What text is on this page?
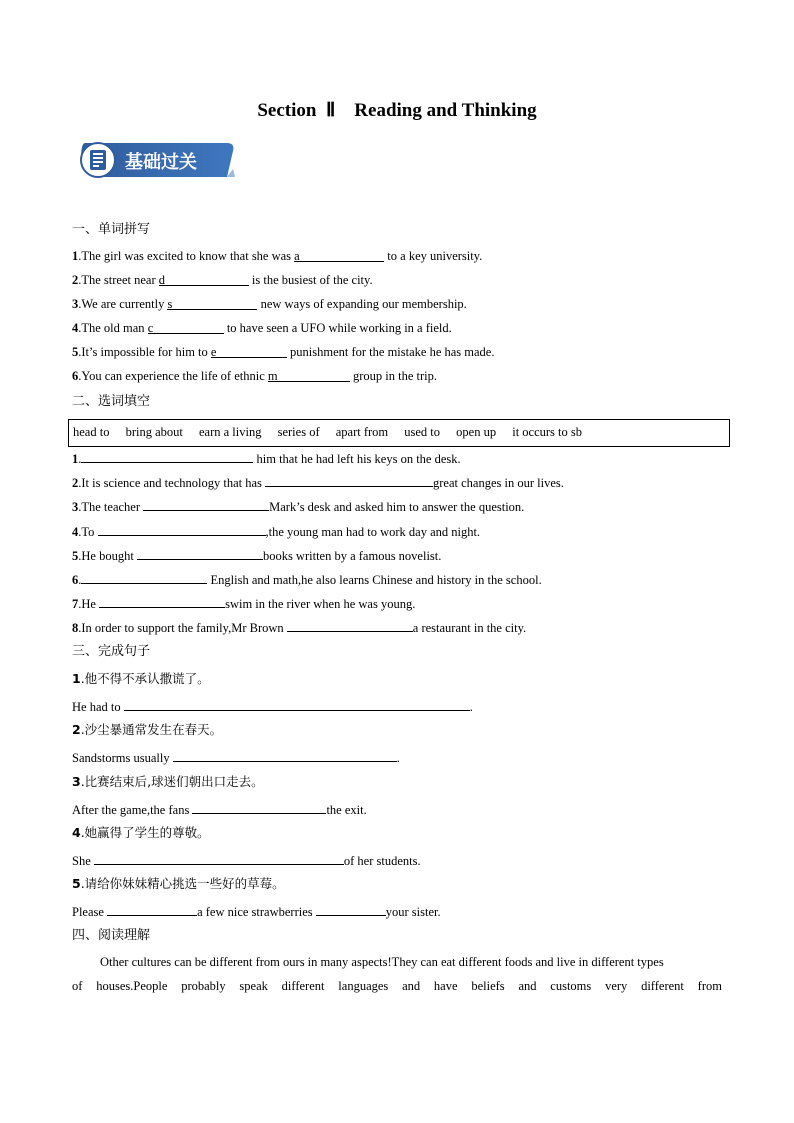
Section Ⅱ Reading and Thinking
基础过关
一、单词拼写
1.The girl was excited to know that she was a	to a key university.
2.The street near d	is the busiest of the city.
3.We are currently s	new ways of expanding our membership.
4.The old man c	to have seen a UFO while working in a field.
5.It’s impossible for him to e	punishment for the mistake he has made.
6.You can experience the life of ethnic m	group in the trip.
二、选词填空
head to bring about earn a living series of apart from used to open up it occurs to sb
1.	him that he had left his keys on the desk.
2.It is science and technology that has	great changes in our lives.
3.The teacher	Mark’s desk and asked him to answer the question.
4.To	,the young man had to work day and night.
5.He bought	books written by a famous novelist.
6.	English and math,he also learns Chinese and history in the school.
7.He	swim in the river when he was young.
8.In order to support the family,Mr Brown	a restaurant in the city.
三、完成句子
1.他不得不承认撒谎了。
He had to	.
2.沙尘暴通常发生在春天。
Sandstorms usually	.
3.比赛结束后,球迷们朝出口走去。
After the game,the fans	the exit.
4.她赢得了学生的尊敬。
She	of her students.
5.请给你妹妹精心挑选一些好的草莓。
Please	a few nice strawberries	your sister.
四、阅读理解
Other cultures can be different from ours in many aspects!They can eat different foods and live in different types
of houses.People probably speak different languages and have beliefs and customs very different from
